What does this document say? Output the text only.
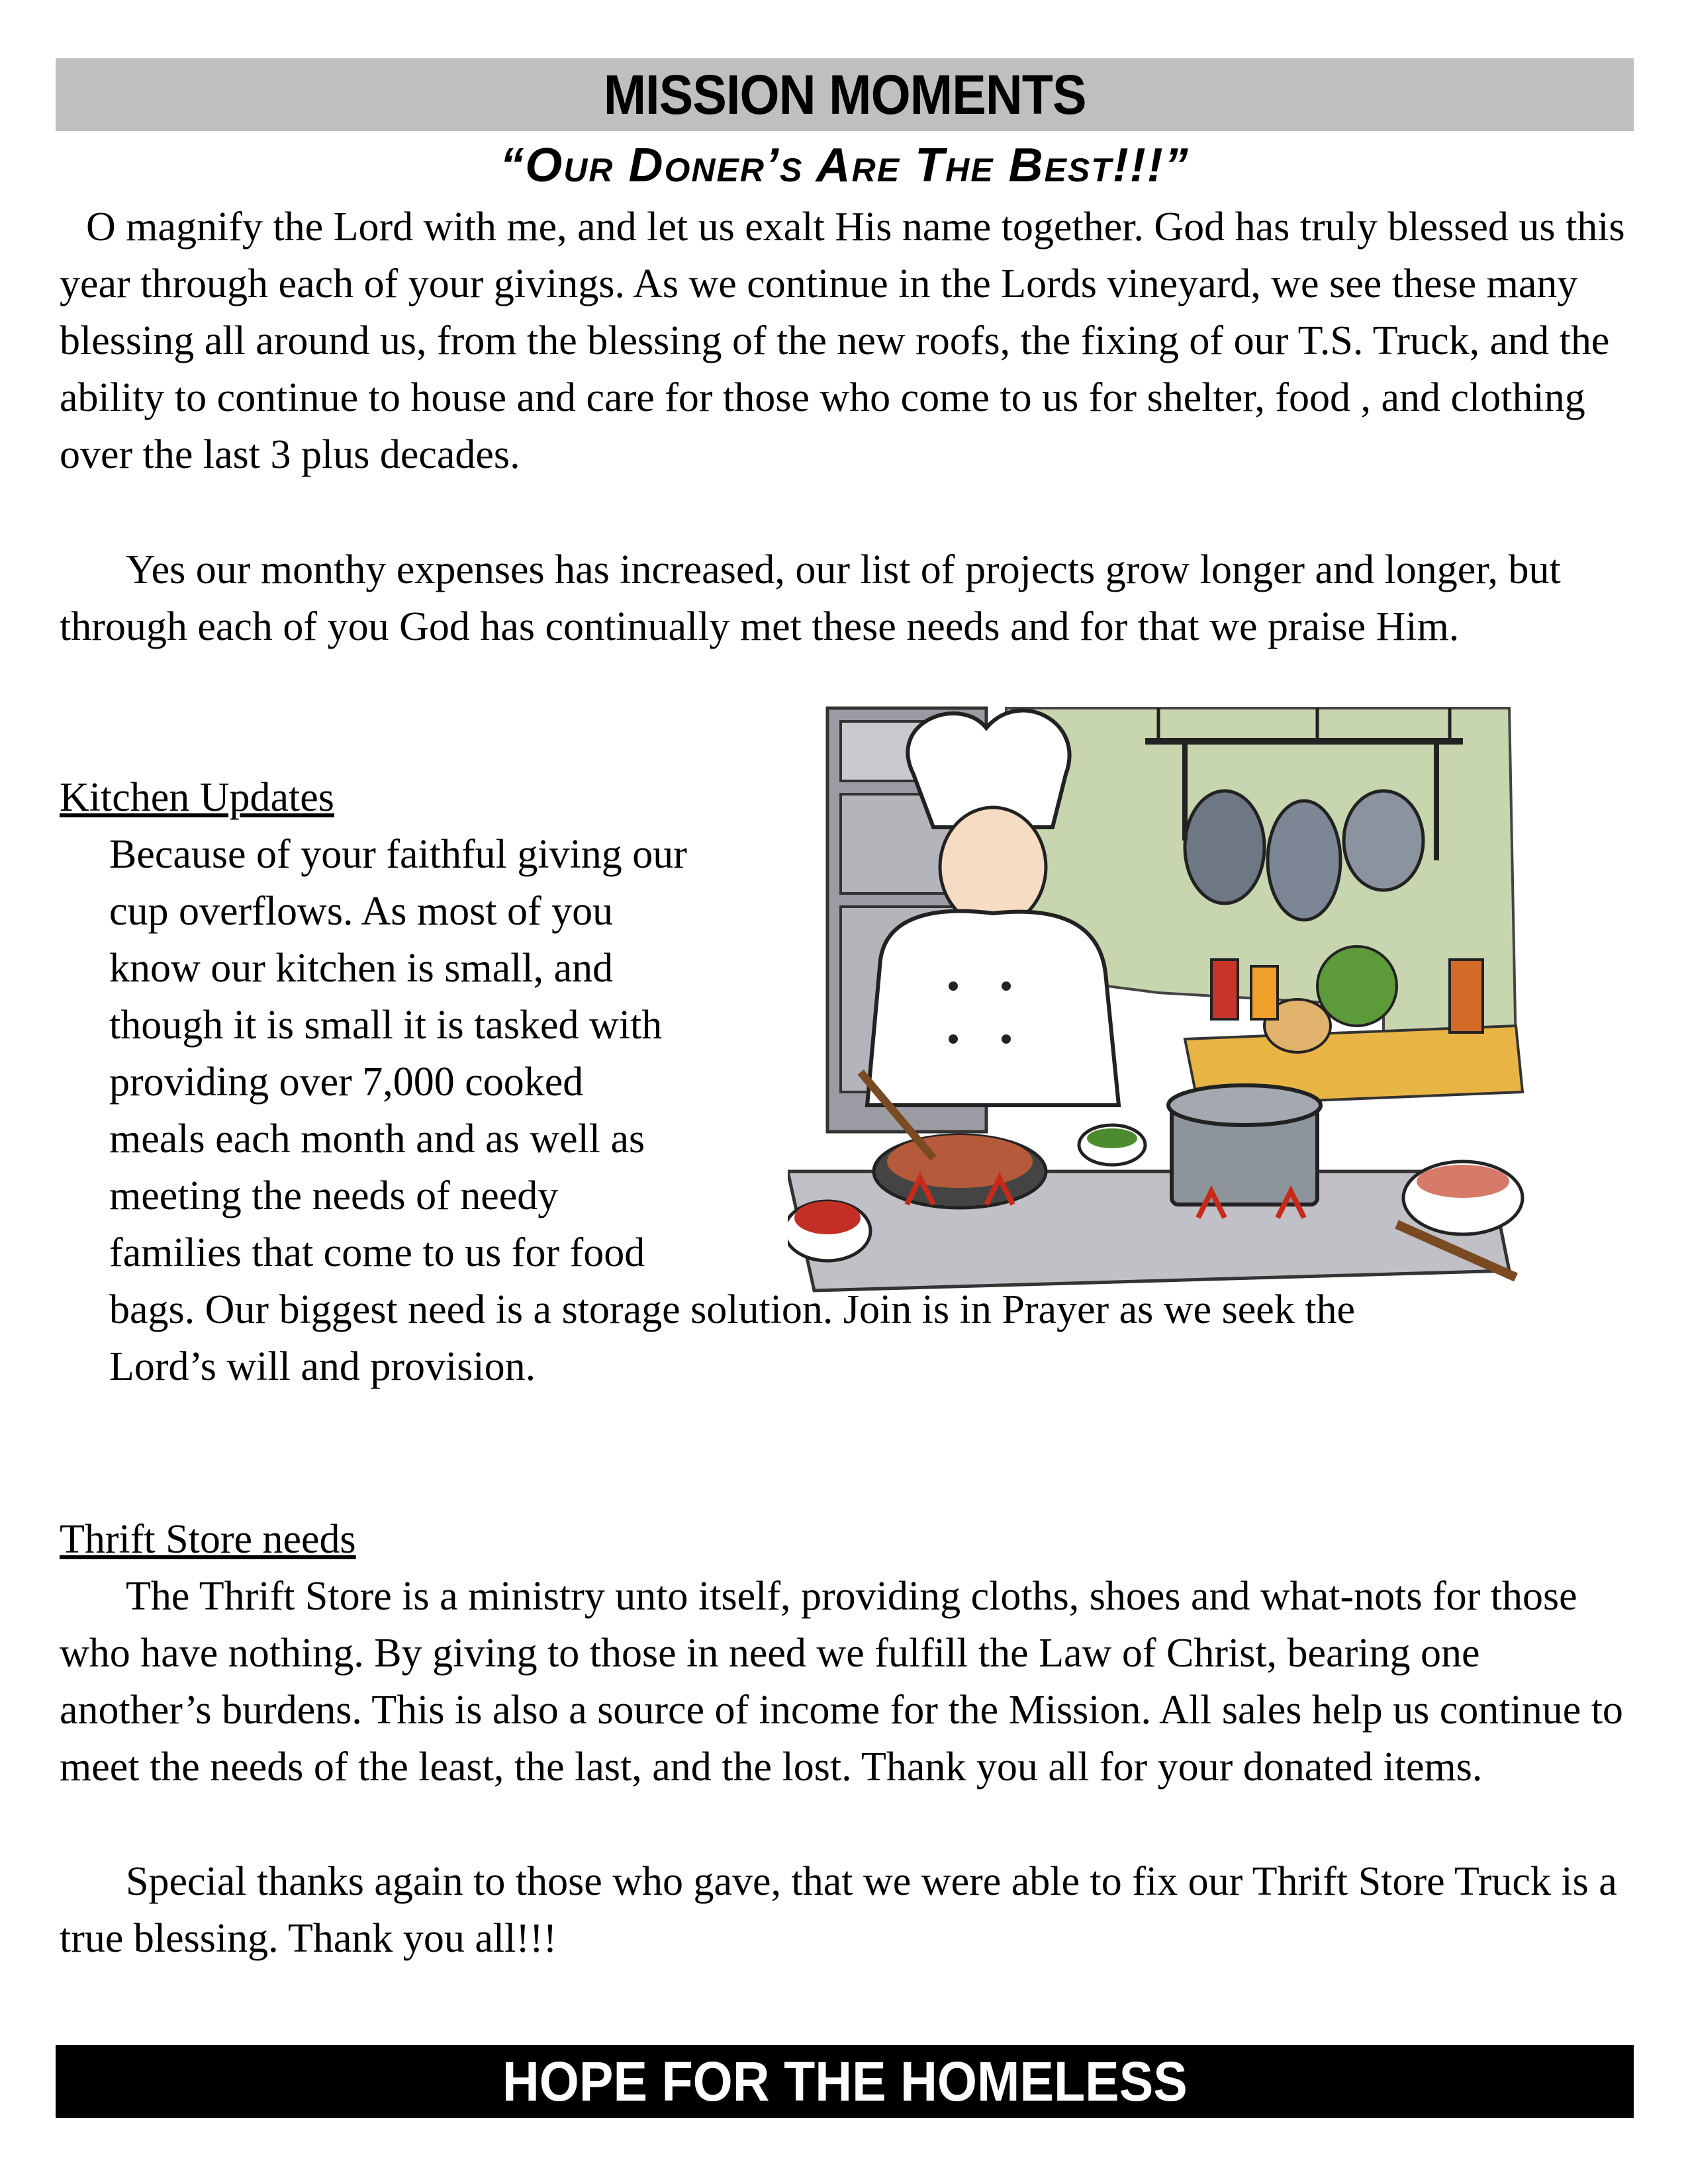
MISSION MOMENTS
“Our Doner’s Are The Best!!!”
O magnify the Lord with me, and let us exalt His name together. God has truly blessed us this year through each of your givings. As we continue in the Lords vineyard, we see these many blessing all around us, from the blessing of the new roofs, the fixing of our T.S. Truck, and the ability to continue to house and care for those who come to us for shelter, food , and clothing over the last 3 plus decades.
Yes our monthy expenses has increased, our list of projects grow longer and longer, but through each of you God has continually met these needs and for that we praise Him.
Kitchen Updates
Because of your faithful giving our
cup overflows. As most of you
know our kitchen is small, and
though it is small it is tasked with
providing over 7,000 cooked
meals each month and as well as
meeting the needs of needy
families that come to us for food
bags. Our biggest need is a storage solution. Join is in Prayer as we seek the
Lord’s will and provision.
Thrift Store needs
The Thrift Store is a ministry unto itself, providing cloths, shoes and what-nots for those who have nothing. By giving to those in need we fulfill the Law of Christ, bearing one another’s burdens. This is also a source of income for the Mission. All sales help us continue to meet the needs of the least, the last, and the lost. Thank you all for your donated items.
Special thanks again to those who gave, that we were able to fix our Thrift Store Truck is a true blessing. Thank you all!!!
HOPE FOR THE HOMELESS
